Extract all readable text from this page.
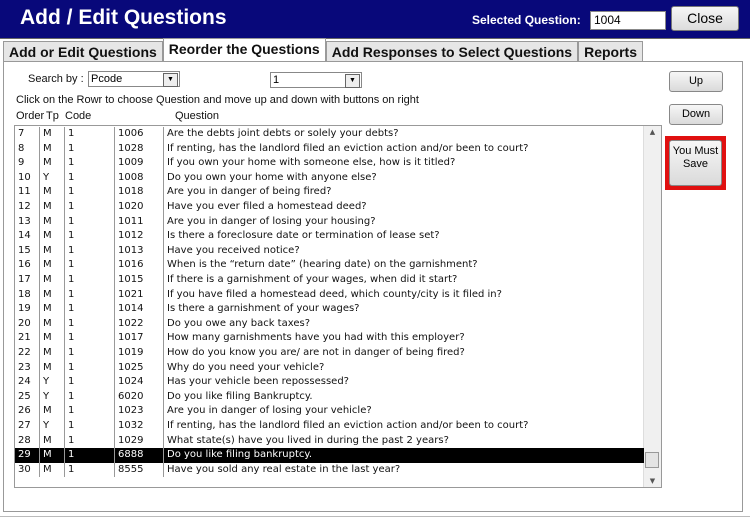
Add / Edit Questions	Selected Question:	1004	Close
Add or Edit Questions Reorder the Questions Add Responses to Select Questions Reports
Search by : Pcode	▼	1	▼
Click on the Rowr to choose Question and move up and down with buttons on right
Order Tp Code	Question
Up
Down
You Must Save
▲
▼
7	M	1	1006	Are the debts joint debts or solely your debts?
8	M	1	1028	If renting, has the landlord filed an eviction action and/or been to court?
9	M	1	1009	If you own your home with someone else, how is it titled?
10	Y	1	1008	Do you own your home with anyone else?
11	M	1	1018	Are you in danger of being fired?
12	M	1	1020	Have you ever filed a homestead deed?
13	M	1	1011	Are you in danger of losing your housing?
14	M	1	1012	Is there a foreclosure date or termination of lease set?
15	M	1	1013	Have you received notice?
16	M	1	1016	When is the “return date” (hearing date) on the garnishment?
17	M	1	1015	If there is a garnishment of your wages, when did it start?
18	M	1	1021	If you have filed a homestead deed, which county/city is it filed in?
19	M	1	1014	Is there a garnishment of your wages?
20	M	1	1022	Do you owe any back taxes?
21	M	1	1017	How many garnishments have you had with this employer?
22	M	1	1019	How do you know you are/ are not in danger of being fired?
23	M	1	1025	Why do you need your vehicle?
24	Y	1	1024	Has your vehicle been repossessed?
25	Y	1	6020	Do you like filing Bankruptcy.
26	M	1	1023	Are you in danger of losing your vehicle?
27	Y	1	1032	If renting, has the landlord filed an eviction action and/or been to court?
28	M	1	1029	What state(s) have you lived in during the past 2 years?
29	M	1	6888	Do you like filing bankruptcy.
30	M	1	8555	Have you sold any real estate in the last year?
